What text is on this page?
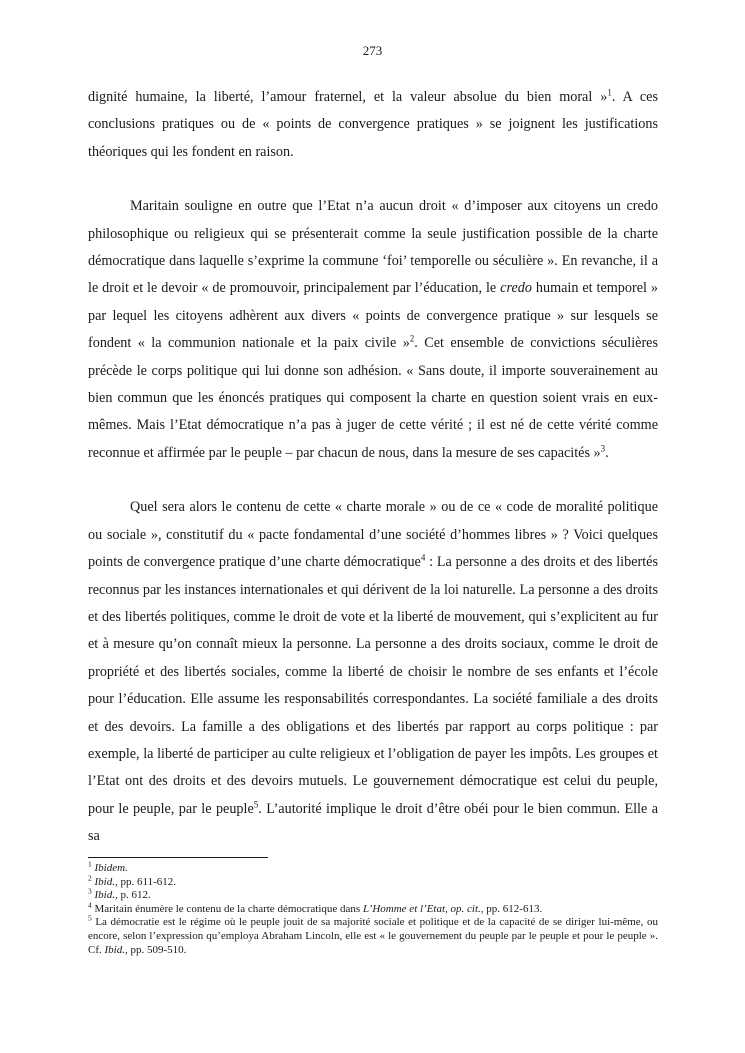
273

dignité humaine, la liberté, l’amour fraternel, et la valeur absolue du bien moral »$^1$. A ces conclusions pratiques ou de « points de convergence pratiques » se joignent les justifications théoriques qui les fondent en raison.

Maritain souligne en outre que l’Etat n’a aucun droit « d’imposer aux citoyens un credo philosophique ou religieux qui se présenterait comme la seule justification possible de la charte démocratique dans laquelle s’exprime la commune ‘foi’ temporelle ou séculière ». En revanche, il a le droit et le devoir « de promouvoir, principalement par l’éducation, le credo humain et temporel » par lequel les citoyens adhèrent aux divers « points de convergence pratique » sur lesquels se fondent « la communion nationale et la paix civile »$^2$. Cet ensemble de convictions séculières précède le corps politique qui lui donne son adhésion. « Sans doute, il importe souverainement au bien commun que les énoncés pratiques qui composent la charte en question soient vrais en eux-mêmes. Mais l’Etat démocratique n’a pas à juger de cette vérité ; il est né de cette vérité comme reconnue et affirmée par le peuple – par chacun de nous, dans la mesure de ses capacités »$^3$.

Quel sera alors le contenu de cette « charte morale » ou de ce « code de moralité politique ou sociale », constitutif du « pacte fondamental d’une société d’hommes libres » ? Voici quelques points de convergence pratique d’une charte démocratique$^4$ : La personne a des droits et des libertés reconnus par les instances internationales et qui dérivent de la loi naturelle. La personne a des droits et des libertés politiques, comme le droit de vote et la liberté de mouvement, qui s’explicitent au fur et à mesure qu’on connaît mieux la personne. La personne a des droits sociaux, comme le droit de propriété et des libertés sociales, comme la liberté de choisir le nombre de ses enfants et l’école pour l’éducation. Elle assume les responsabilités correspondantes. La société familiale a des droits et des devoirs. La famille a des obligations et des libertés par rapport au corps politique : par exemple, la liberté de participer au culte religieux et l’obligation de payer les impôts. Les groupes et l’Etat ont des droits et des devoirs mutuels. Le gouvernement démocratique est celui du peuple, pour le peuple, par le peuple$^5$. L’autorité implique le droit d’être obéi pour le bien commun. Elle a sa

$^1$ Ibidem.

$^2$ Ibid., pp. 611-612.

$^3$ Ibid., p. 612.

$^4$ Maritain énumère le contenu de la charte démocratique dans L’Homme et l’Etat, op. cit., pp. 612-613.

$^5$ La démocratie est le régime où le peuple jouit de sa majorité sociale et politique et de la capacité de se diriger lui-même, ou encore, selon l’expression qu’employa Abraham Lincoln, elle est « le gouvernement du peuple par le peuple et pour le peuple ». Cf. Ibid., pp. 509-510.
